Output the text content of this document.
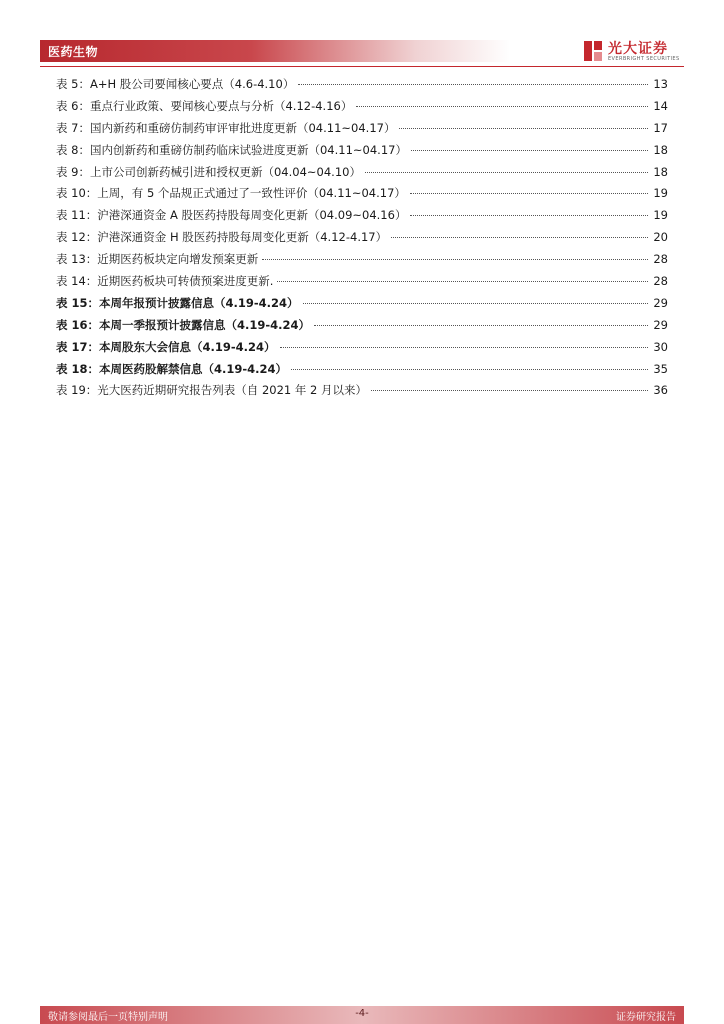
医药生物	光大证券
EVERBRIGHT SECURITIES
表 5：A+H 股公司要闻核心要点（4.6-4.10）	13
表 6：重点行业政策、要闻核心要点与分析（4.12-4.16）	14
表 7：国内新药和重磅仿制药审评审批进度更新（04.11~04.17）	17
表 8：国内创新药和重磅仿制药临床试验进度更新（04.11~04.17）	18
表 9：上市公司创新药械引进和授权更新（04.04~04.10）	18
表 10：上周，有 5 个品规正式通过了一致性评价（04.11~04.17）	19
表 11：沪港深通资金 A 股医药持股每周变化更新（04.09~04.16）	19
表 12：沪港深通资金 H 股医药持股每周变化更新（4.12-4.17）	20
表 13：近期医药板块定向增发预案更新	28
表 14：近期医药板块可转债预案进度更新.	28
表 15：本周年报预计披露信息（4.19-4.24）	29
表 16：本周一季报预计披露信息（4.19-4.24）	29
表 17：本周股东大会信息（4.19-4.24）	30
表 18：本周医药股解禁信息（4.19-4.24）	35
表 19：光大医药近期研究报告列表（自 2021 年 2 月以来）	36
敬请参阅最后一页特别声明	-4-	证券研究报告
